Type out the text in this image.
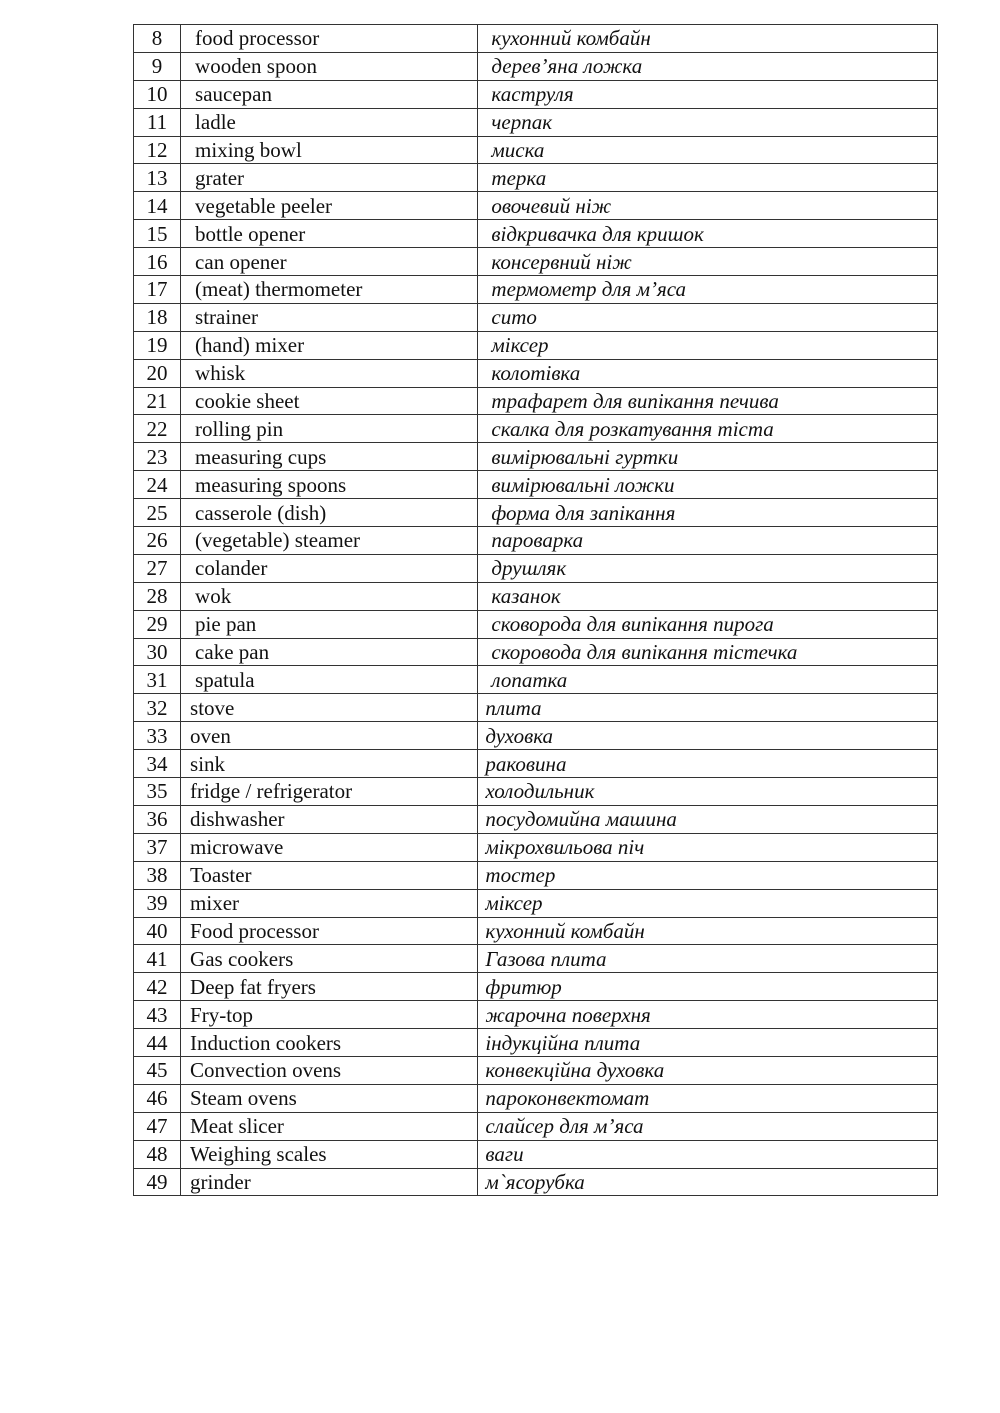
8	food processor	кухонний комбайн
9	wooden spoon	дерев’яна ложка
10	saucepan	каструля
11	ladle	черпак
12	mixing bowl	миска
13	grater	терка
14	vegetable peeler	овочевий ніж
15	bottle opener	відкривачка для кришок
16	can opener	консервний ніж
17	(meat) thermometer	термометр для м’яса
18	strainer	сито
19	(hand) mixer	міксер
20	whisk	колотівка
21	cookie sheet	трафарет для випікання печива
22	rolling pin	скалка для розкатування тіста
23	measuring cups	вимірювальні гуртки
24	measuring spoons	вимірювальні ложки
25	casserole (dish)	форма для запікання
26	(vegetable) steamer	пароварка
27	colander	друшляк
28	wok	казанок
29	pie pan	сковорода для випікання пирога
30	cake pan	скоровода для випікання тістечка
31	spatula	лопатка
32	stove	плита
33	oven	духовка
34	sink	раковина
35	fridge / refrigerator	холодильник
36	dishwasher	посудомийна машина
37	microwave	мікрохвильова піч
38	Toaster	тостер
39	mixer	міксер
40	Food processor	кухонний комбайн
41	Gas cookers	Газова плита
42	Deep fat fryers	фритюр
43	Fry-top	жарочна поверхня
44	Induction cookers	індукційна плита
45	Convection ovens	конвекційна духовка
46	Steam ovens	пароконвектомат
47	Meat slicer	слайсер для м’яса
48	Weighing scales	ваги
49	grinder	м`ясорубка
